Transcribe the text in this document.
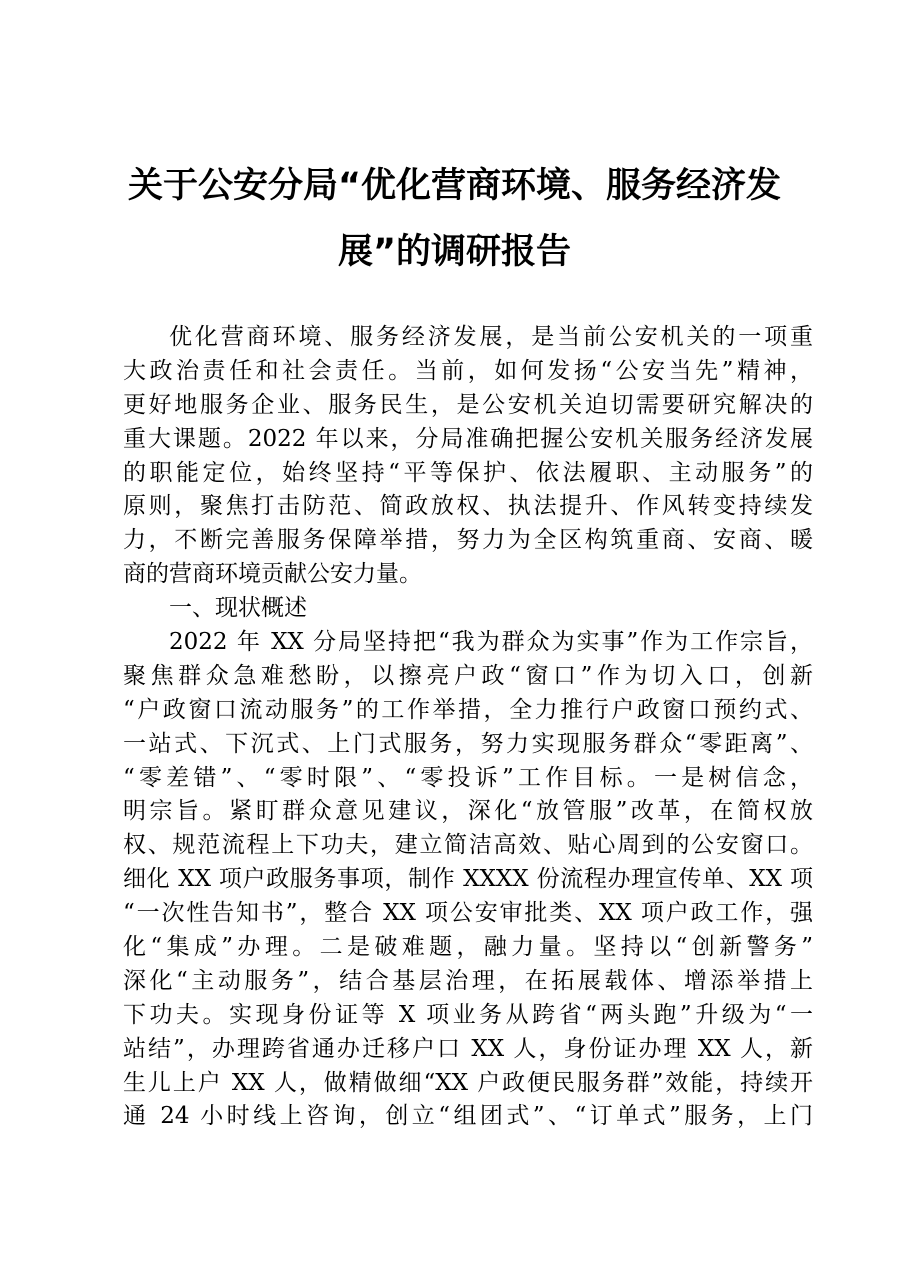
关于公安分局“优化营商环境、服务经济发
展”的调研报告
优化营商环境、服务经济发展，是当前公安机关的一项重
大政治责任和社会责任。当前，如何发扬“公安当先”精神，
更好地服务企业、服务民生，是公安机关迫切需要研究解决的
重大课题。2022 年以来，分局准确把握公安机关服务经济发展
的职能定位，始终坚持“平等保护、依法履职、主动服务”的
原则，聚焦打击防范、简政放权、执法提升、作风转变持续发
力，不断完善服务保障举措，努力为全区构筑重商、安商、暖
商的营商环境贡献公安力量。
一、现状概述
2022 年 XX 分局坚持把“我为群众为实事”作为工作宗旨，
聚焦群众急难愁盼，以擦亮户政“窗口”作为切入口，创新
“户政窗口流动服务”的工作举措，全力推行户政窗口预约式、
一站式、下沉式、上门式服务，努力实现服务群众“零距离”、
“零差错”、“零时限”、“零投诉”工作目标。一是树信念，
明宗旨。紧盯群众意见建议，深化“放管服”改革，在简权放
权、规范流程上下功夫，建立简洁高效、贴心周到的公安窗口。
细化 XX 项户政服务事项，制作 XXXX 份流程办理宣传单、XX 项
“一次性告知书”，整合 XX 项公安审批类、XX 项户政工作，强
化“集成”办理。二是破难题，融力量。坚持以“创新警务”
深化“主动服务”，结合基层治理，在拓展载体、增添举措上
下功夫。实现身份证等 X 项业务从跨省“两头跑”升级为“一
站结”，办理跨省通办迁移户口 XX 人，身份证办理 XX 人，新
生儿上户 XX 人，做精做细“XX 户政便民服务群”效能，持续开
通 24 小时线上咨询，创立“组团式”、“订单式”服务，上门
